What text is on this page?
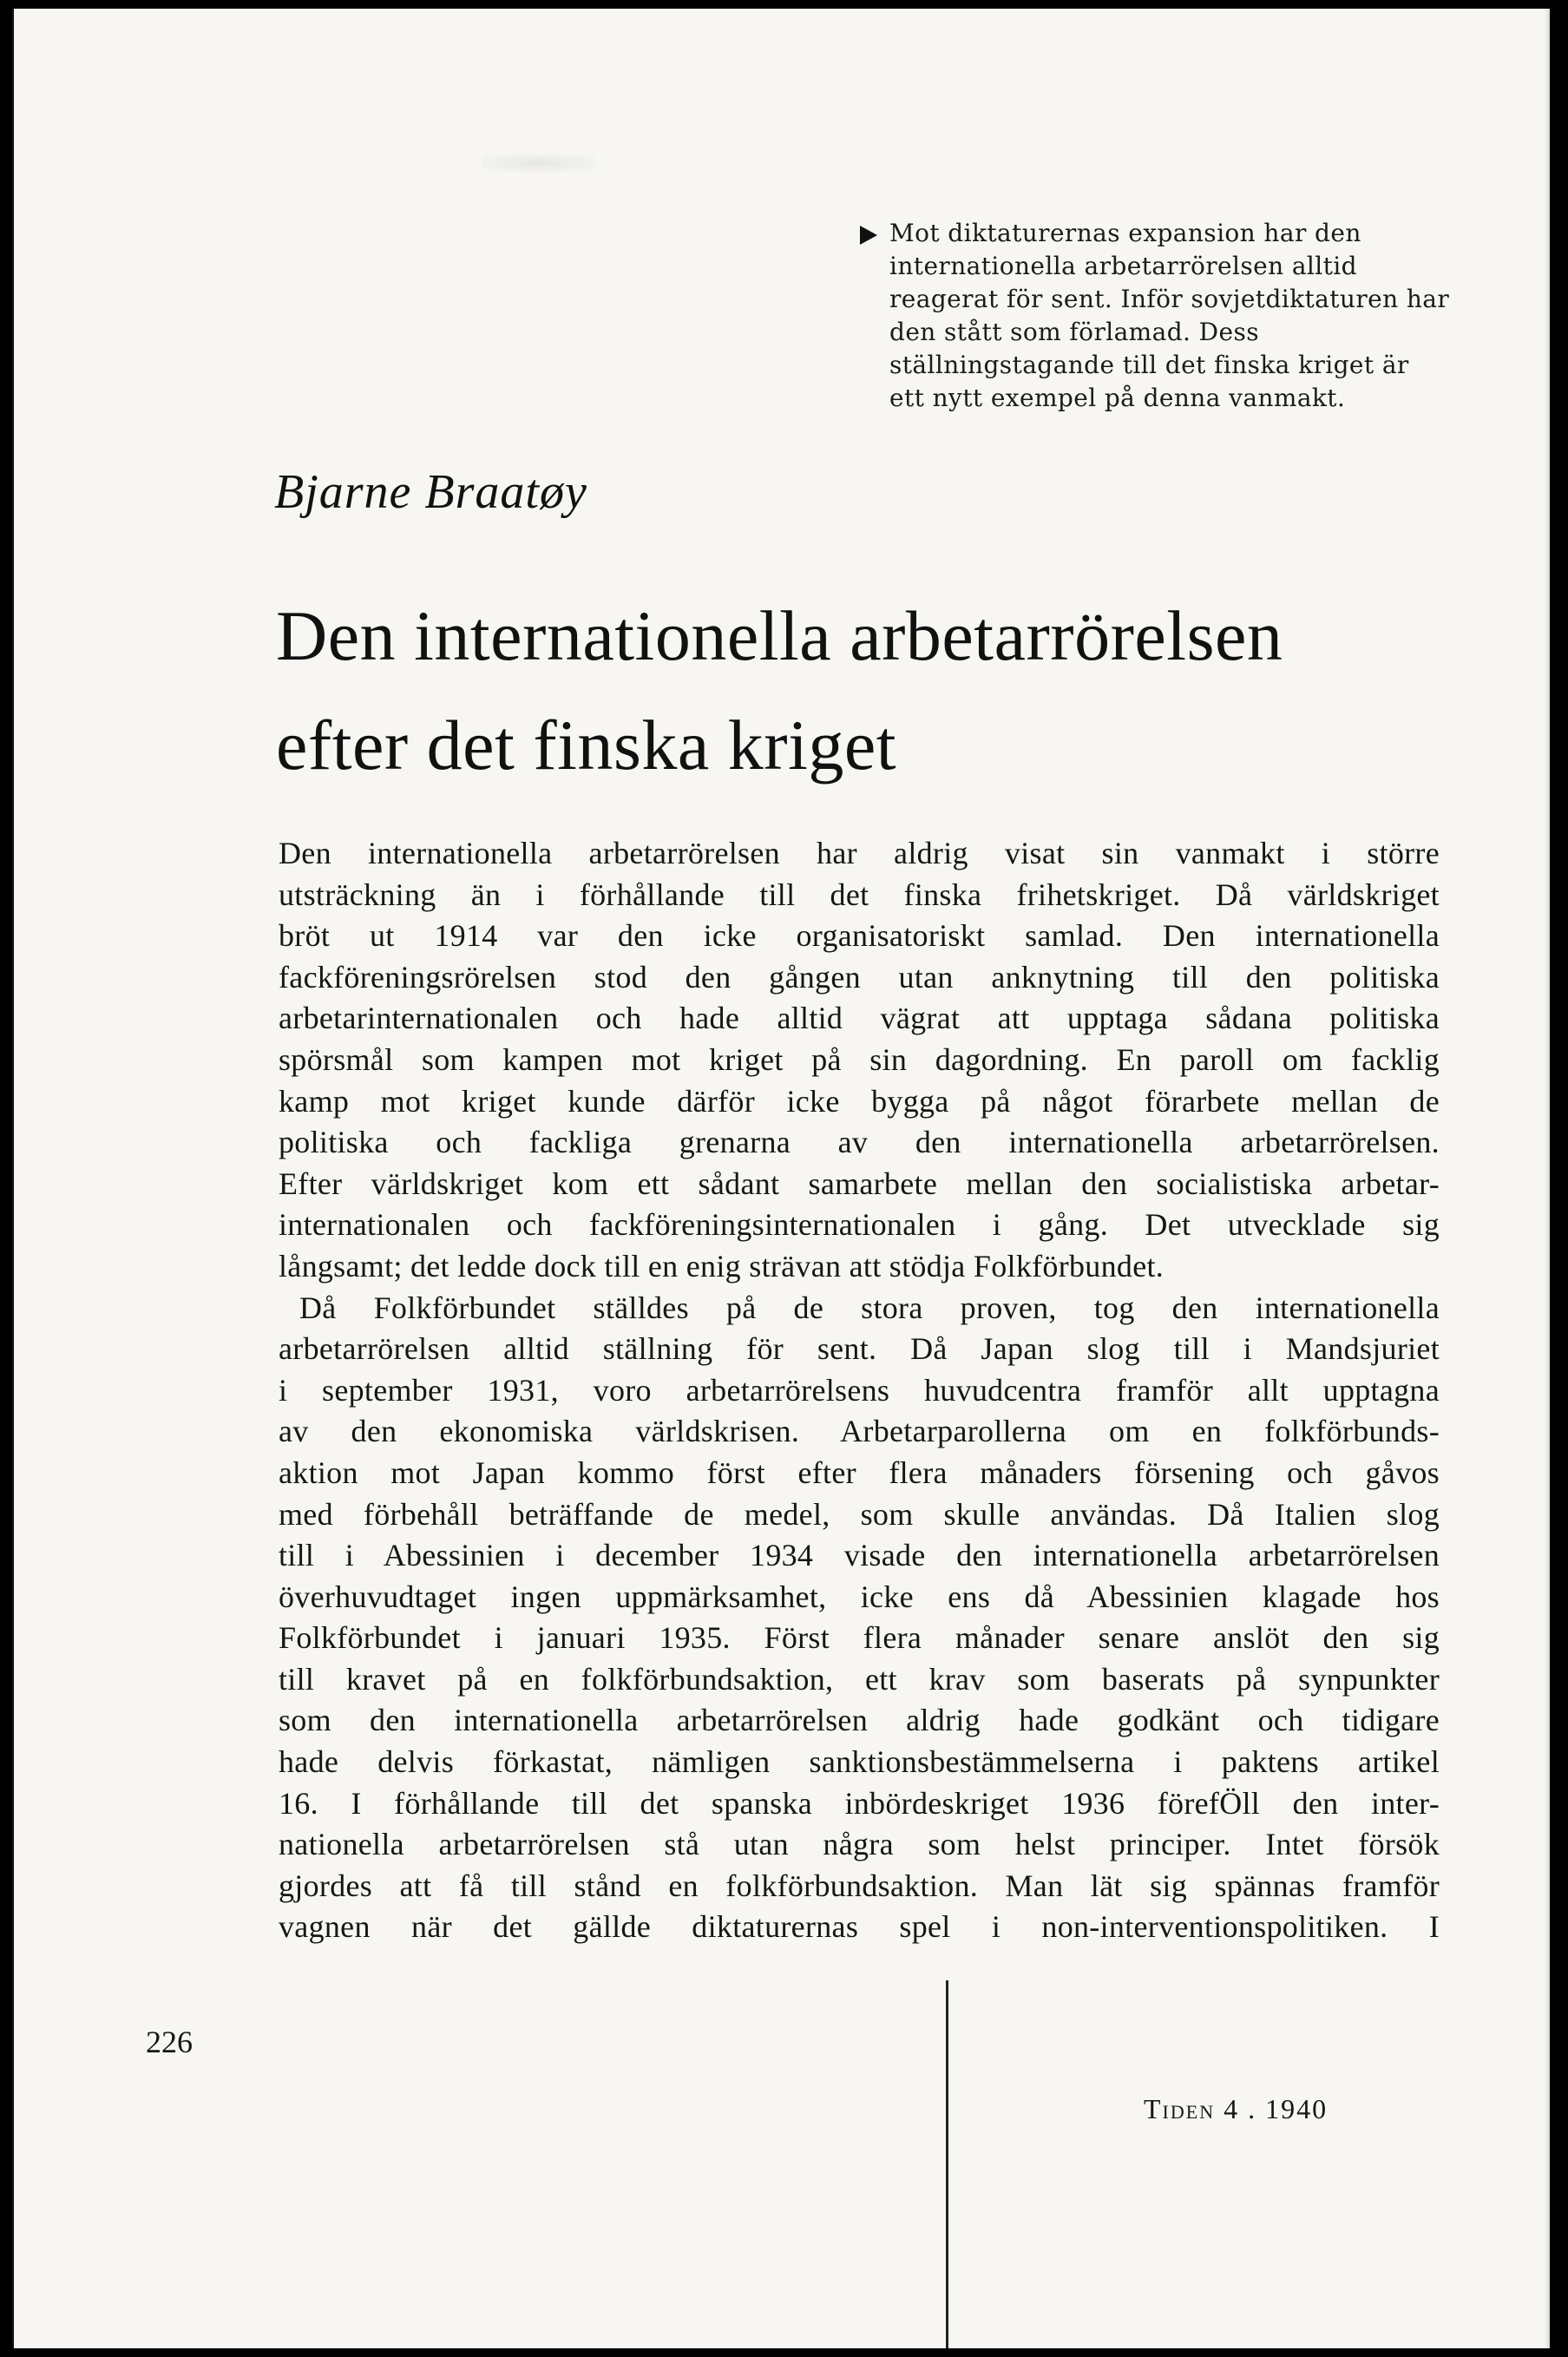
Mot diktaturernas expansion har den internationella arbetarrörelsen alltid reagerat för sent. Inför sovjetdiktaturen har den stått som förlamad. Dess ställningstagande till det finska kriget är ett nytt exempel på denna vanmakt.

Bjarne Braatøy
Den internationella arbetarrörelsen
efter det finska kriget
Den internationella arbetarrörelsen har aldrig visat sin vanmakt i större
utsträckning än i förhållande till det finska frihetskriget. Då världskriget
bröt ut 1914 var den icke organisatoriskt samlad. Den internationella
fackföreningsrörelsen stod den gången utan anknytning till den politiska
arbetarinternationalen och hade alltid vägrat att upptaga sådana politiska
spörsmål som kampen mot kriget på sin dagordning. En paroll om facklig
kamp mot kriget kunde därför icke bygga på något förarbete mellan de
politiska och fackliga grenarna av den internationella arbetarrörelsen.
Efter världskriget kom ett sådant samarbete mellan den socialistiska arbetar-
internationalen och fackföreningsinternationalen i gång. Det utvecklade sig
långsamt; det ledde dock till en enig strävan att stödja Folkförbundet.
Då Folkförbundet ställdes på de stora proven, tog den internationella
arbetarrörelsen alltid ställning för sent. Då Japan slog till i Mandsjuriet
i september 1931, voro arbetarrörelsens huvudcentra framför allt upptagna
av den ekonomiska världskrisen. Arbetarparollerna om en folkförbunds-
aktion mot Japan kommo först efter flera månaders försening och gåvos
med förbehåll beträffande de medel, som skulle användas. Då Italien slog
till i Abessinien i december 1934 visade den internationella arbetarrörelsen
överhuvudtaget ingen uppmärksamhet, icke ens då Abessinien klagade hos
Folkförbundet i januari 1935. Först flera månader senare anslöt den sig
till kravet på en folkförbundsaktion, ett krav som baserats på synpunkter
som den internationella arbetarrörelsen aldrig hade godkänt och tidigare
hade delvis förkastat, nämligen sanktionsbestämmelserna i paktens artikel
16. I förhållande till det spanska inbördeskriget 1936 förefÖll den inter-
nationella arbetarrörelsen stå utan några som helst principer. Intet försök
gjordes att få till stånd en folkförbundsaktion. Man lät sig spännas framför
vagnen när det gällde diktaturernas spel i non-interventionspolitiken. I

226

Tiden 4 . 1940
